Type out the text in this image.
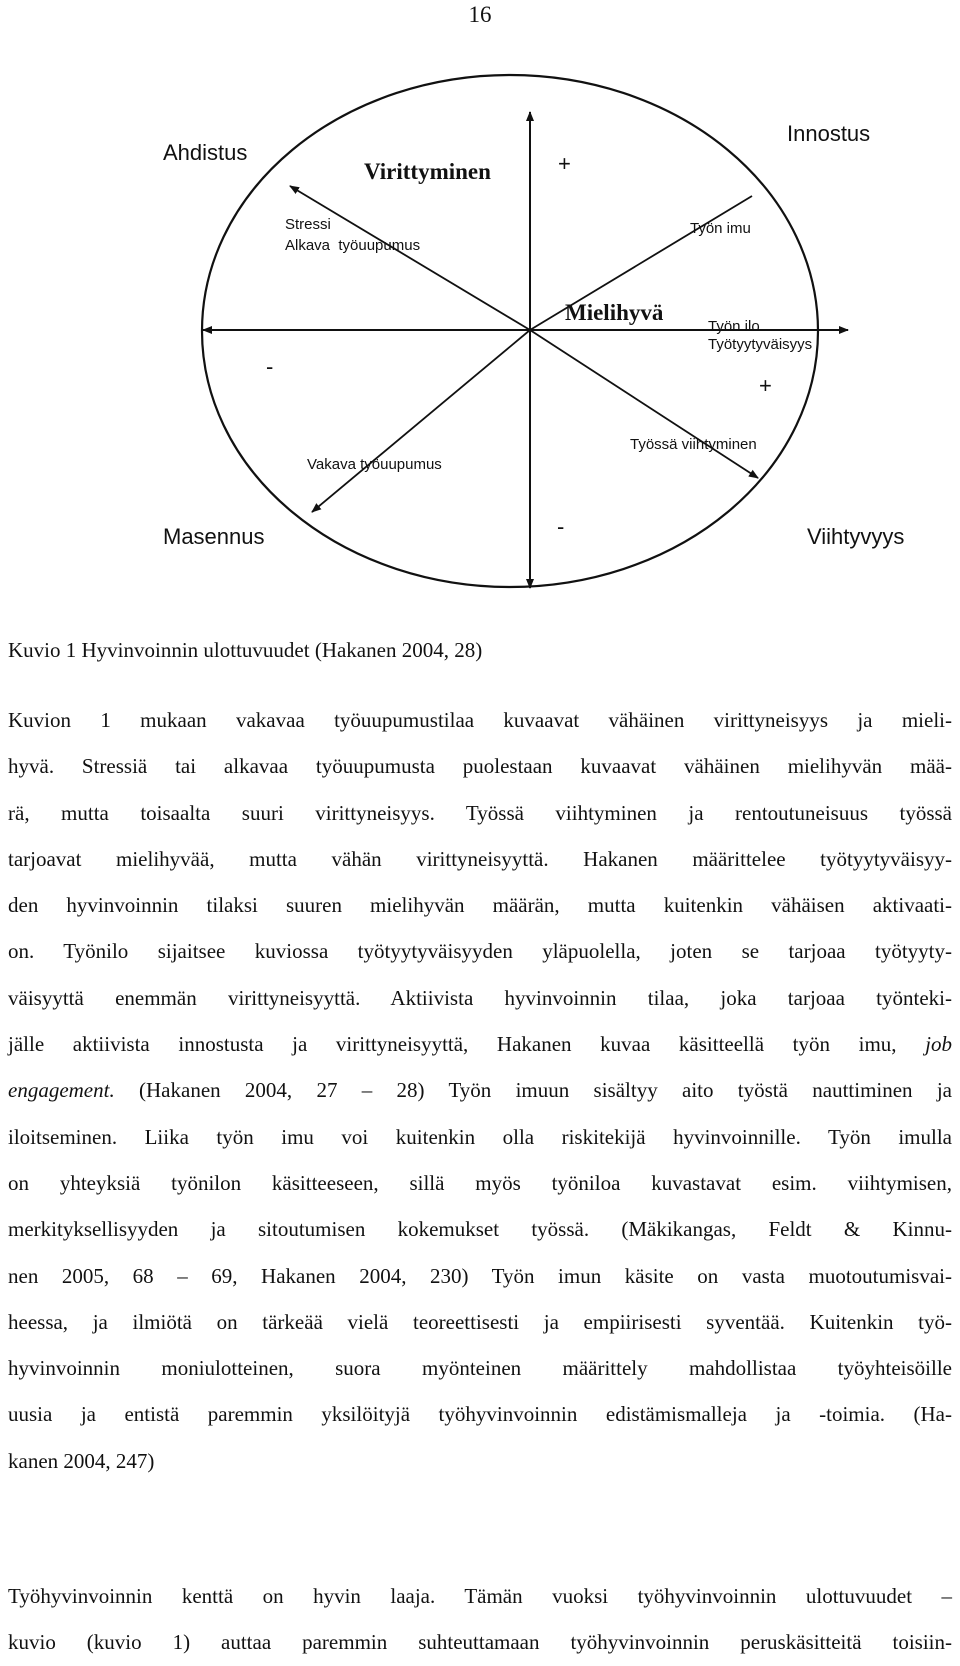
16
Ahdistus
Innostus
Masennus	Viihtyvyys
Virittyminen
Mielihyvä
+
-
-
+
Stressi
Alkava  työuupumus
Työn imu
Työn ilo
Työtyytyväisyys
Työssä viihtyminen
Vakava työuupumus
Kuvio 1 Hyvinvoinnin ulottuvuudet (Hakanen 2004, 28)
Kuvion 1 mukaan vakavaa työuupumustilaa kuvaavat vähäinen virittyneisyys ja mieli-
hyvä. Stressiä tai alkavaa työuupumusta puolestaan kuvaavat vähäinen mielihyvän mää-
rä, mutta toisaalta suuri virittyneisyys. Työssä viihtyminen ja rentoutuneisuus työssä
tarjoavat mielihyvää, mutta vähän virittyneisyyttä. Hakanen määrittelee työtyytyväisyy-
den hyvinvoinnin tilaksi suuren mielihyvän määrän, mutta kuitenkin vähäisen aktivaati-
on. Työnilo sijaitsee kuviossa työtyytyväisyyden yläpuolella, joten se tarjoaa työtyyty-
väisyyttä enemmän virittyneisyyttä. Aktiivista hyvinvoinnin tilaa, joka tarjoaa työnteki-
jälle aktiivista innostusta ja virittyneisyyttä, Hakanen kuvaa käsitteellä työn imu, job
engagement. (Hakanen 2004, 27 – 28) Työn imuun sisältyy aito työstä nauttiminen ja
iloitseminen. Liika työn imu voi kuitenkin olla riskitekijä hyvinvoinnille. Työn imulla
on yhteyksiä työnilon käsitteeseen, sillä myös työniloa kuvastavat esim. viihtymisen,
merkityksellisyyden ja sitoutumisen kokemukset työssä. (Mäkikangas, Feldt & Kinnu-
nen 2005, 68 – 69, Hakanen 2004, 230) Työn imun käsite on vasta muotoutumisvai-
heessa, ja ilmiötä on tärkeää vielä teoreettisesti ja empiirisesti syventää. Kuitenkin työ-
hyvinvoinnin moniulotteinen, suora myönteinen määrittely mahdollistaa työyhteisöille
uusia ja entistä paremmin yksilöityjä työhyvinvoinnin edistämismalleja ja -toimia. (Ha-
kanen 2004, 247)
Työhyvinvoinnin kenttä on hyvin laaja. Tämän vuoksi työhyvinvoinnin ulottuvuudet –
kuvio (kuvio 1) auttaa paremmin suhteuttamaan työhyvinvoinnin peruskäsitteitä toisiin-
